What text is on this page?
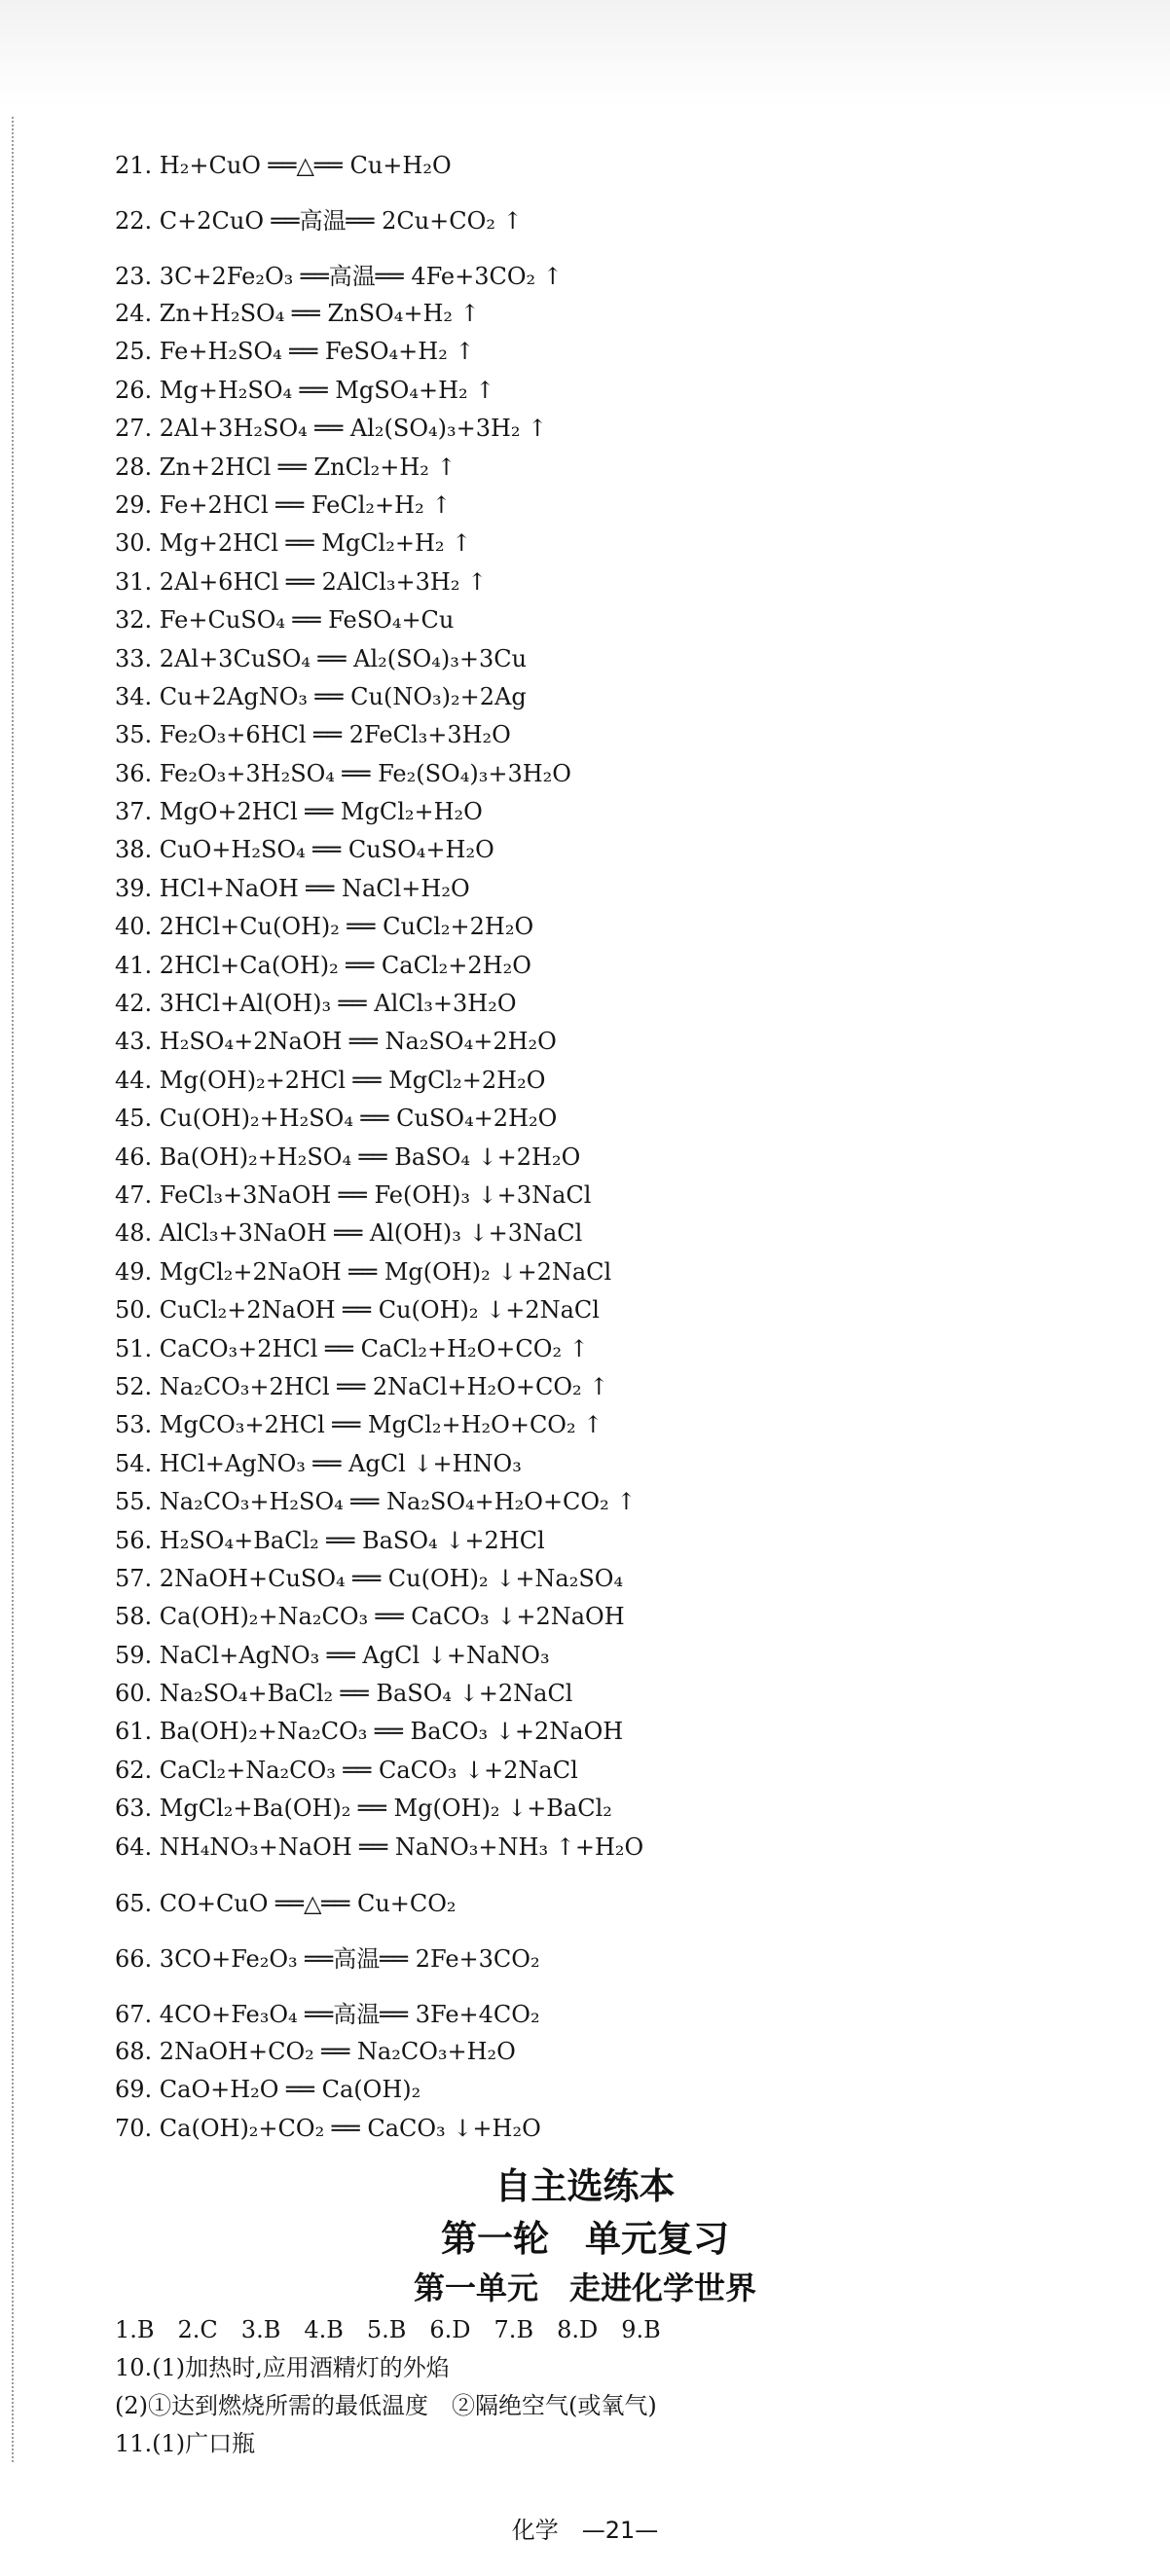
21. H₂+CuO ══△══ Cu+H₂O
22. C+2CuO ══高温══ 2Cu+CO₂ ↑
23. 3C+2Fe₂O₃ ══高温══ 4Fe+3CO₂ ↑
24. Zn+H₂SO₄ ══ ZnSO₄+H₂ ↑
25. Fe+H₂SO₄ ══ FeSO₄+H₂ ↑
26. Mg+H₂SO₄ ══ MgSO₄+H₂ ↑
27. 2Al+3H₂SO₄ ══ Al₂(SO₄)₃+3H₂ ↑
28. Zn+2HCl ══ ZnCl₂+H₂ ↑
29. Fe+2HCl ══ FeCl₂+H₂ ↑
30. Mg+2HCl ══ MgCl₂+H₂ ↑
31. 2Al+6HCl ══ 2AlCl₃+3H₂ ↑
32. Fe+CuSO₄ ══ FeSO₄+Cu
33. 2Al+3CuSO₄ ══ Al₂(SO₄)₃+3Cu
34. Cu+2AgNO₃ ══ Cu(NO₃)₂+2Ag
35. Fe₂O₃+6HCl ══ 2FeCl₃+3H₂O
36. Fe₂O₃+3H₂SO₄ ══ Fe₂(SO₄)₃+3H₂O
37. MgO+2HCl ══ MgCl₂+H₂O
38. CuO+H₂SO₄ ══ CuSO₄+H₂O
39. HCl+NaOH ══ NaCl+H₂O
40. 2HCl+Cu(OH)₂ ══ CuCl₂+2H₂O
41. 2HCl+Ca(OH)₂ ══ CaCl₂+2H₂O
42. 3HCl+Al(OH)₃ ══ AlCl₃+3H₂O
43. H₂SO₄+2NaOH ══ Na₂SO₄+2H₂O
44. Mg(OH)₂+2HCl ══ MgCl₂+2H₂O
45. Cu(OH)₂+H₂SO₄ ══ CuSO₄+2H₂O
46. Ba(OH)₂+H₂SO₄ ══ BaSO₄ ↓+2H₂O
47. FeCl₃+3NaOH ══ Fe(OH)₃ ↓+3NaCl
48. AlCl₃+3NaOH ══ Al(OH)₃ ↓+3NaCl
49. MgCl₂+2NaOH ══ Mg(OH)₂ ↓+2NaCl
50. CuCl₂+2NaOH ══ Cu(OH)₂ ↓+2NaCl
51. CaCO₃+2HCl ══ CaCl₂+H₂O+CO₂ ↑
52. Na₂CO₃+2HCl ══ 2NaCl+H₂O+CO₂ ↑
53. MgCO₃+2HCl ══ MgCl₂+H₂O+CO₂ ↑
54. HCl+AgNO₃ ══ AgCl ↓+HNO₃
55. Na₂CO₃+H₂SO₄ ══ Na₂SO₄+H₂O+CO₂ ↑
56. H₂SO₄+BaCl₂ ══ BaSO₄ ↓+2HCl
57. 2NaOH+CuSO₄ ══ Cu(OH)₂ ↓+Na₂SO₄
58. Ca(OH)₂+Na₂CO₃ ══ CaCO₃ ↓+2NaOH
59. NaCl+AgNO₃ ══ AgCl ↓+NaNO₃
60. Na₂SO₄+BaCl₂ ══ BaSO₄ ↓+2NaCl
61. Ba(OH)₂+Na₂CO₃ ══ BaCO₃ ↓+2NaOH
62. CaCl₂+Na₂CO₃ ══ CaCO₃ ↓+2NaCl
63. MgCl₂+Ba(OH)₂ ══ Mg(OH)₂ ↓+BaCl₂
64. NH₄NO₃+NaOH ══ NaNO₃+NH₃ ↑+H₂O
65. CO+CuO ══△══ Cu+CO₂
66. 3CO+Fe₂O₃ ══高温══ 2Fe+3CO₂
67. 4CO+Fe₃O₄ ══高温══ 3Fe+4CO₂
68. 2NaOH+CO₂ ══ Na₂CO₃+H₂O
69. CaO+H₂O ══ Ca(OH)₂
70. Ca(OH)₂+CO₂ ══ CaCO₃ ↓+H₂O
自主选练本
第一轮　单元复习
第一单元　走进化学世界
1.B　2.C　3.B　4.B　5.B　6.D　7.B　8.D　9.B
10.(1)加热时,应用酒精灯的外焰
(2)①达到燃烧所需的最低温度　②隔绝空气(或氧气)
11.(1)广口瓶
化学　—21—
